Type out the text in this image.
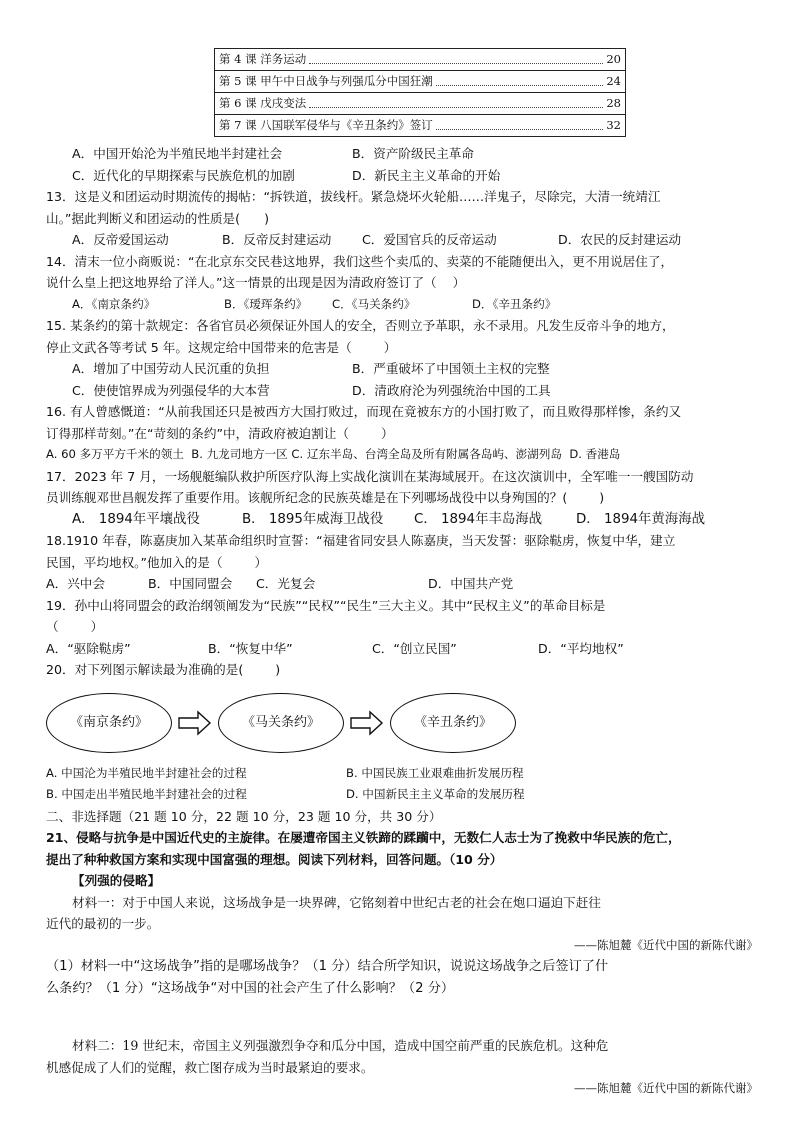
第 4 课 洋务运动	20
第 5 课 甲午中日战争与列强瓜分中国狂潮	24
第 6 课 戊戌变法	28
第 7 课 八国联军侵华与《辛丑条约》签订	32
A．中国开始沦为半殖民地半封建社会	B．资产阶级民主革命
C．近代化的早期探索与民族危机的加剧	D．新民主主义革命的开始
13．这是义和团运动时期流传的揭帖：“拆铁道，拔线杆。紧急烧坏火轮船……洋鬼子，尽除完，大清一统靖江
山。”据此判断义和团运动的性质是(      )
A．反帝爱国运动	B．反帝反封建运动	C．爱国官兵的反帝运动	D．农民的反封建运动
14．清末一位小商贩说：“在北京东交民巷这地界，我们这些个卖瓜的、卖菜的不能随便出入，更不用说居住了，
说什么皇上把这地界给了洋人。”这一情景的出现是因为清政府签订了（    ）
A．《南京条约》	B．《瑷珲条约》	C．《马关条约》	D．《辛丑条约》
15. 某条约的第十款规定：各省官员必须保证外国人的安全，否则立予革职，永不录用。凡发生反帝斗争的地方，
停止文武各等考试 5 年。这规定给中国带来的危害是（        ）
A．增加了中国劳动人民沉重的负担	B．严重破坏了中国领土主权的完整
C．使使馆界成为列强侵华的大本营	D．清政府沦为列强统治中国的工具
16. 有人曾感慨道：“从前我国还只是被西方大国打败过，而现在竟被东方的小国打败了，而且败得那样惨，条约又
订得那样苛刻。”在“苛刻的条约”中，清政府被迫割让（        ）
A. 60 多万平方千米的领土  B. 九龙司地方一区 C. 辽东半岛、台湾全岛及所有附属各岛屿、澎湖列岛  D. 香港岛
17．2023 年 7 月，一场舰艇编队救护所医疗队海上实战化演训在某海域展开。在这次演训中，全军唯一一艘国防动
员训练舰邓世昌舰发挥了重要作用。该舰所纪念的民族英雄是在下列哪场战役中以身殉国的？(        )
A． 1894年平壤战役	B． 1895年威海卫战役	C． 1894年丰岛海战	D． 1894年黄海海战
18.1910 年春，陈嘉庚加入某革命组织时宣誓：“福建省同安县人陈嘉庚，当天发誓：驱除鞑虏，恢复中华，建立
民国，平均地权。”他加入的是（        ）
A．兴中会	B．中国同盟会	C．光复会	D．中国共产党
19．孙中山将同盟会的政治纲领阐发为“民族”“民权”“民生”三大主义。其中“民权主义”的革命目标是
（        ）
A．“驱除鞑虏”	B．“恢复中华”	C．“创立民国”	D．“平均地权”
20．对下列图示解读最为准确的是(        )
《南京条约》	《马关条约》	《辛丑条约》
A. 中国沦为半殖民地半封建社会的过程	B. 中国民族工业艰难曲折发展历程
B. 中国走出半殖民地半封建社会的过程	D. 中国新民主主义革命的发展历程
二、非选择题（21 题 10 分，22 题 10 分，23 题 10 分，共 30 分）
21、侵略与抗争是中国近代史的主旋律。在屡遭帝国主义铁蹄的蹂躏中，无数仁人志士为了挽救中华民族的危亡，
提出了种种救国方案和实现中国富强的理想。阅读下列材料，回答问题。（10 分）
【列强的侵略】
材料一：对于中国人来说，这场战争是一块界碑，它铭刻着中世纪古老的社会在炮口逼迫下赶往
近代的最初的一步。
——陈旭麓《近代中国的新陈代谢》
（1）材料一中“这场战争”指的是哪场战争？（1 分）结合所学知识，说说这场战争之后签订了什
么条约？（1 分）“这场战争“对中国的社会产生了什么影响？（2 分）
材料二：19 世纪末，帝国主义列强激烈争夺和瓜分中国，造成中国空前严重的民族危机。这种危
机感促成了人们的觉醒，救亡图存成为当时最紧迫的要求。
——陈旭麓《近代中国的新陈代谢》
